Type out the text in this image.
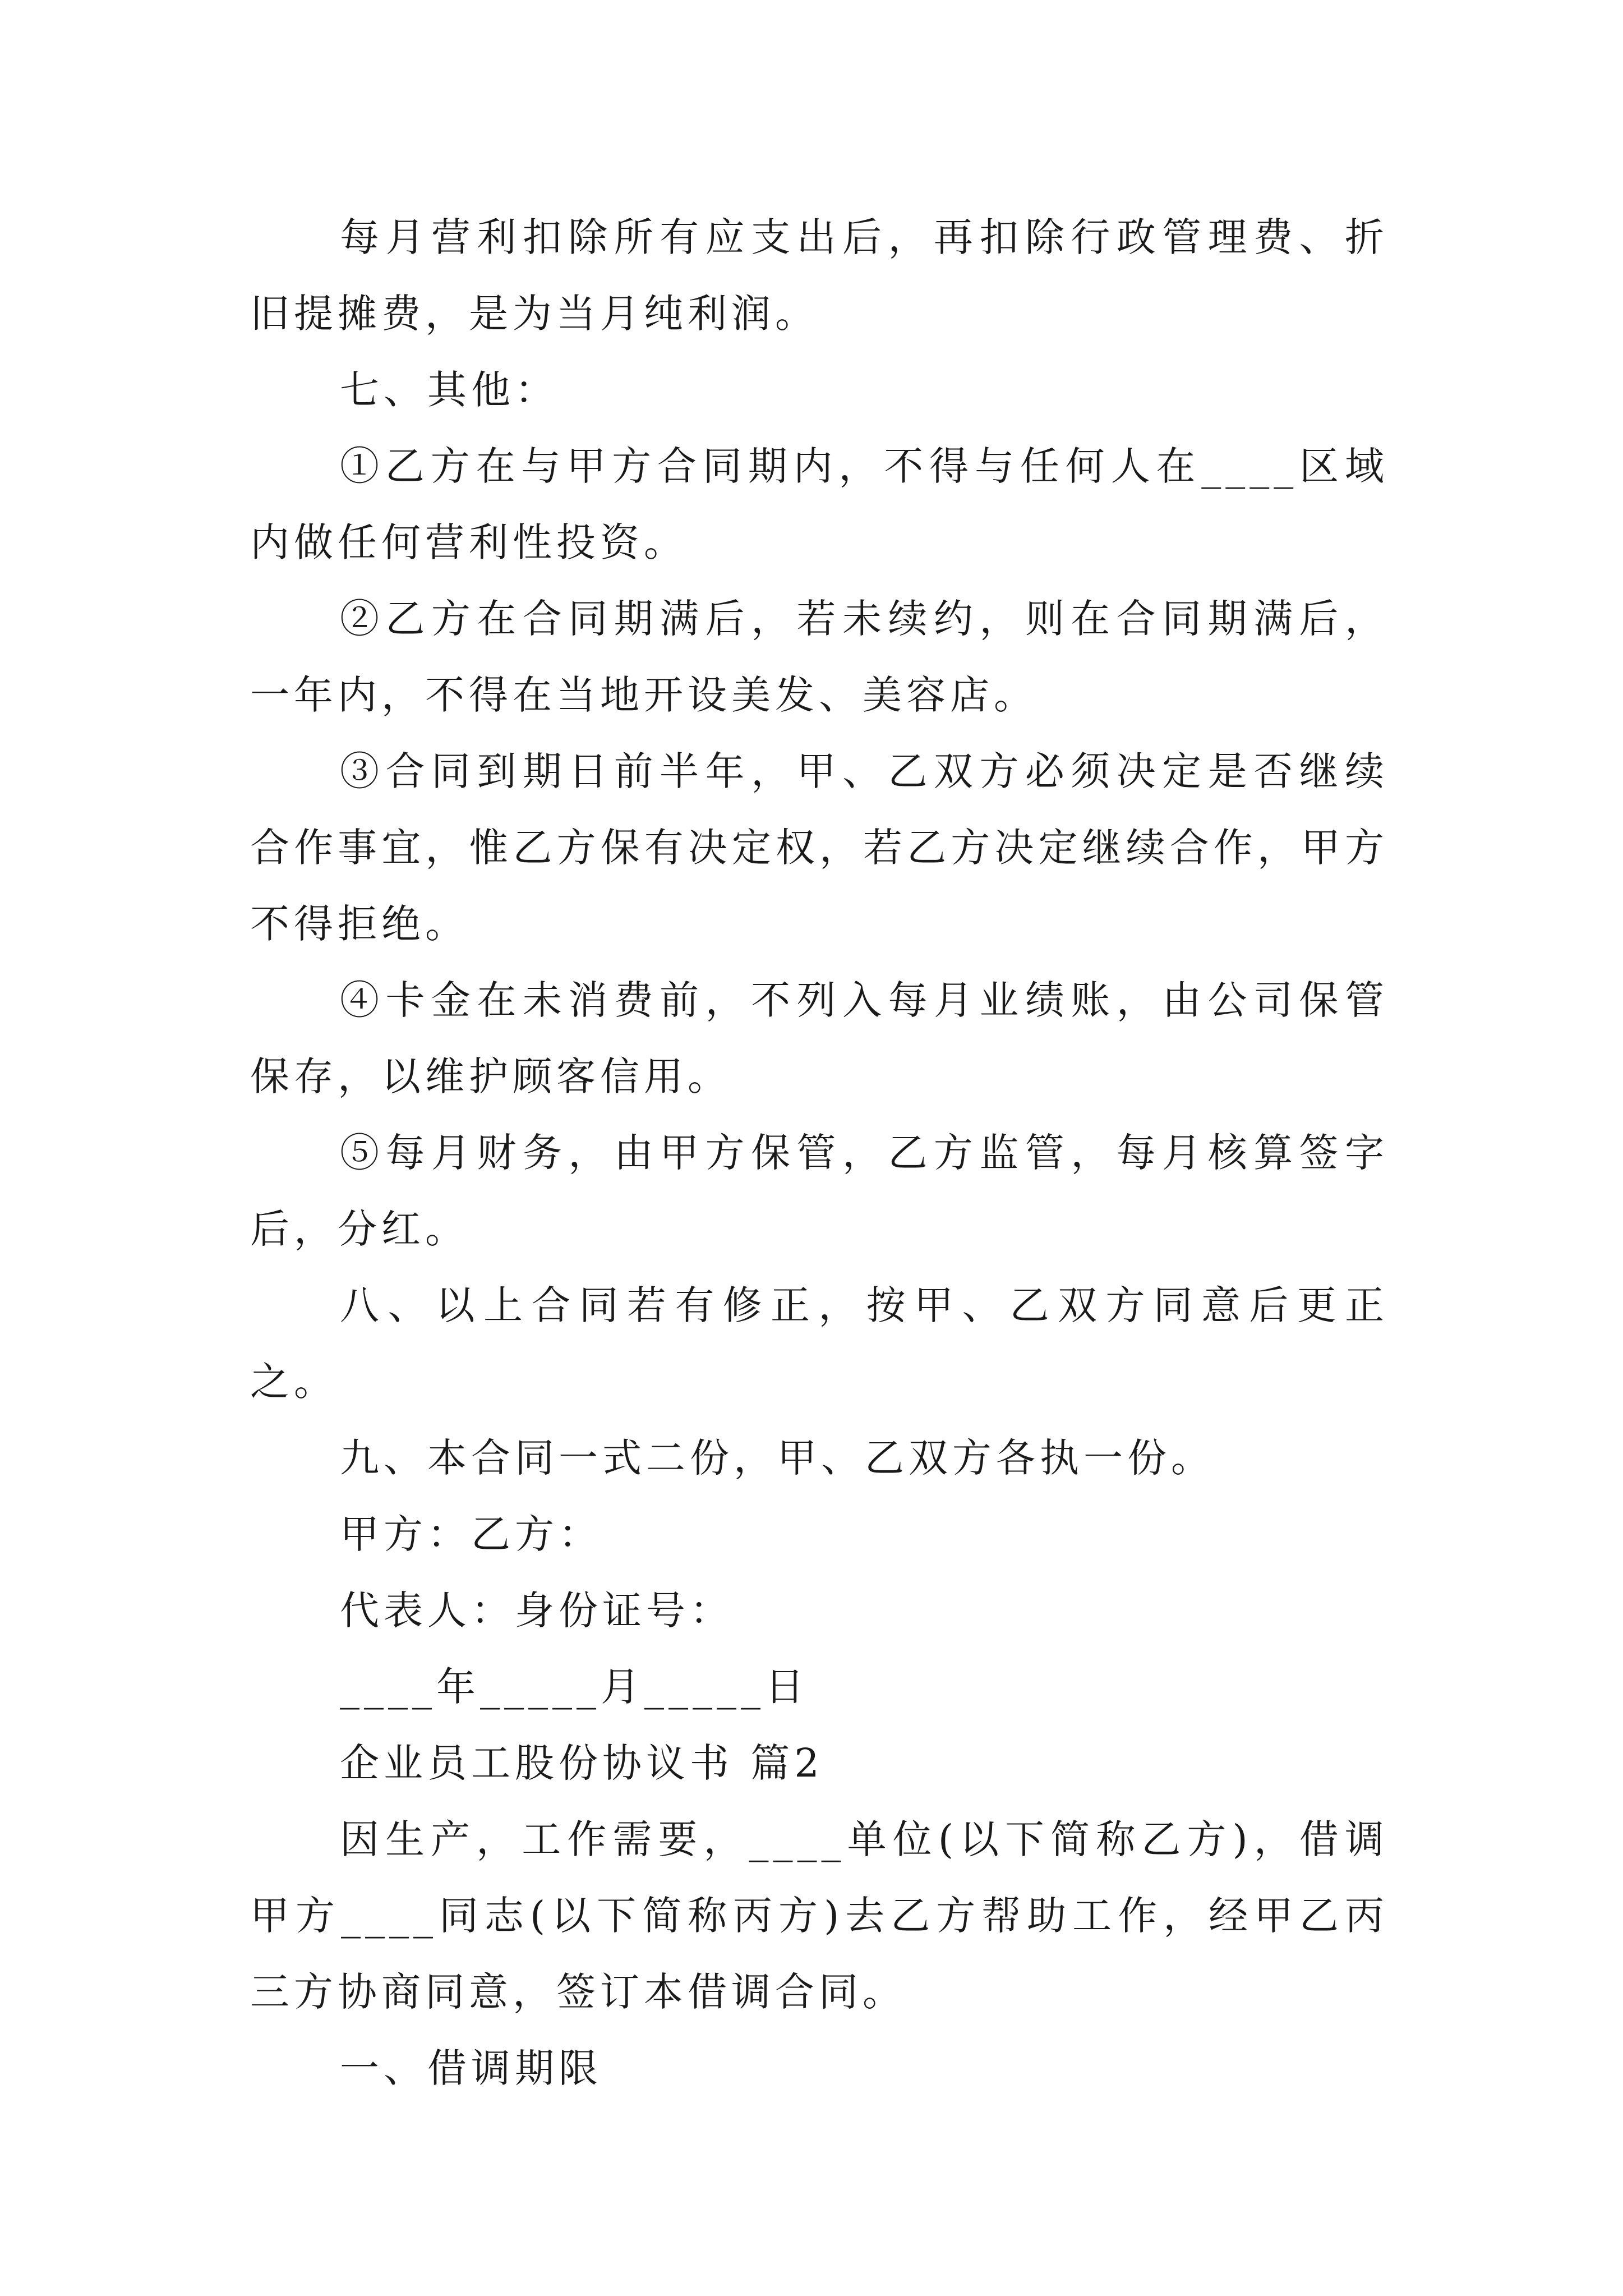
每月营利扣除所有应支出后，再扣除行政管理费、折旧提摊费，是为当月纯利润。

七、其他：

①乙方在与甲方合同期内，不得与任何人在____区域内做任何营利性投资。

②乙方在合同期满后，若未续约，则在合同期满后，一年内，不得在当地开设美发、美容店。

③合同到期日前半年，甲、乙双方必须决定是否继续合作事宜，惟乙方保有决定权，若乙方决定继续合作，甲方不得拒绝。

④卡金在未消费前，不列入每月业绩账，由公司保管保存，以维护顾客信用。

⑤每月财务，由甲方保管，乙方监管，每月核算签字后，分红。

八、以上合同若有修正，按甲、乙双方同意后更正之。

九、本合同一式二份，甲、乙双方各执一份。

甲方：乙方：

代表人：身份证号：

____年_____月_____日

企业员工股份协议书 篇2

因生产，工作需要，____单位(以下简称乙方)，借调甲方____同志(以下简称丙方)去乙方帮助工作，经甲乙丙三方协商同意，签订本借调合同。

一、借调期限
